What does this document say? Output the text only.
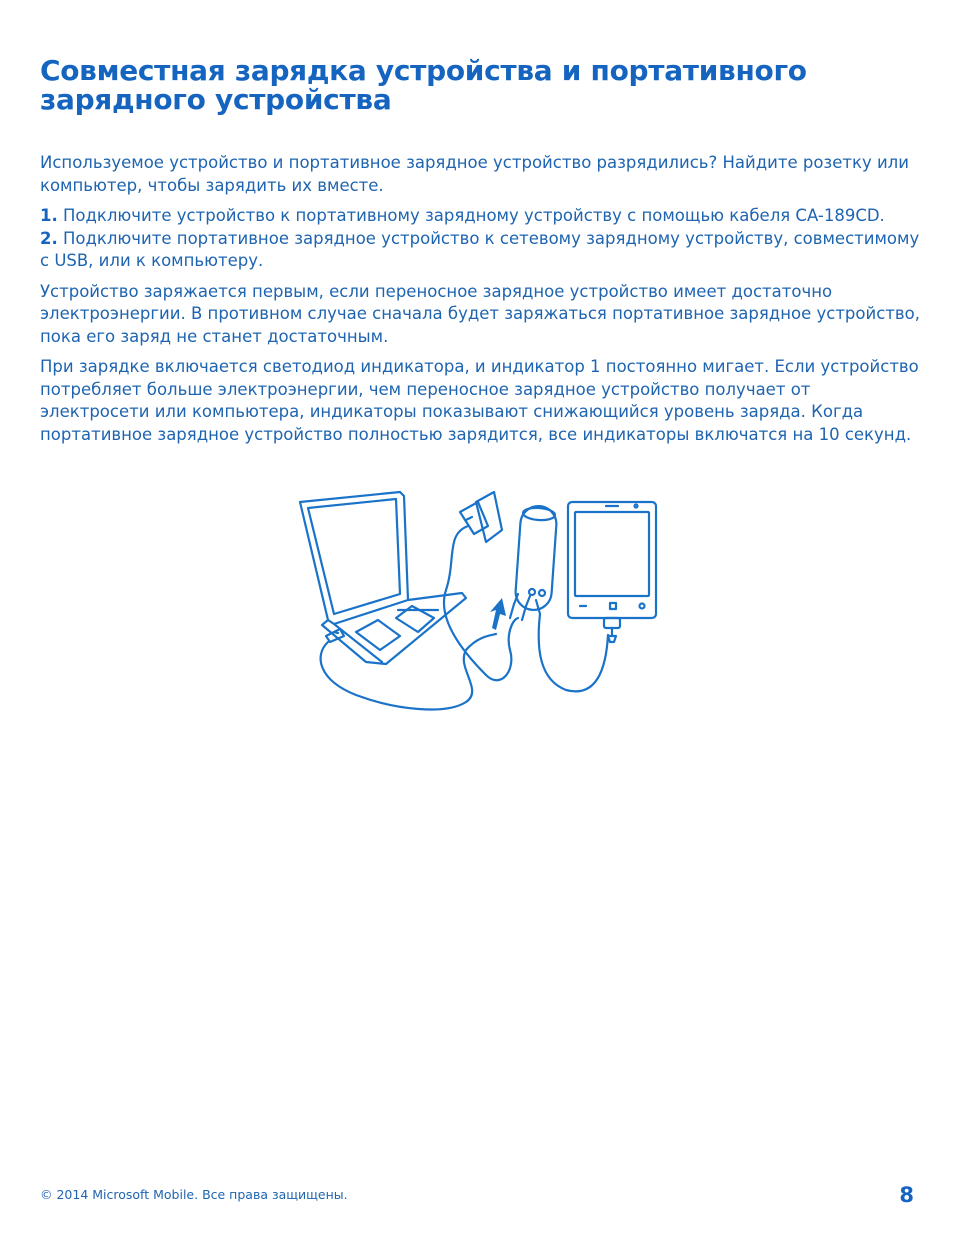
Совместная зарядка устройства и портативного зарядного устройства

Используемое устройство и портативное зарядное устройство разрядились? Найдите розетку или компьютер, чтобы зарядить их вместе.

1. Подключите устройство к портативному зарядному устройству с помощью кабеля CA-189CD.

2. Подключите портативное зарядное устройство к сетевому зарядному устройству, совместимому с USB, или к компьютеру.

Устройство заряжается первым, если переносное зарядное устройство имеет достаточно электроэнергии. В противном случае сначала будет заряжаться портативное зарядное устройство, пока его заряд не станет достаточным.

При зарядке включается светодиод индикатора, и индикатор 1 постоянно мигает. Если устройство потребляет больше электроэнергии, чем переносное зарядное устройство получает от электросети или компьютера, индикаторы показывают снижающийся уровень заряда. Когда портативное зарядное устройство полностью зарядится, все индикаторы включатся на 10 секунд.

© 2014 Microsoft Mobile. Все права защищены.	8
